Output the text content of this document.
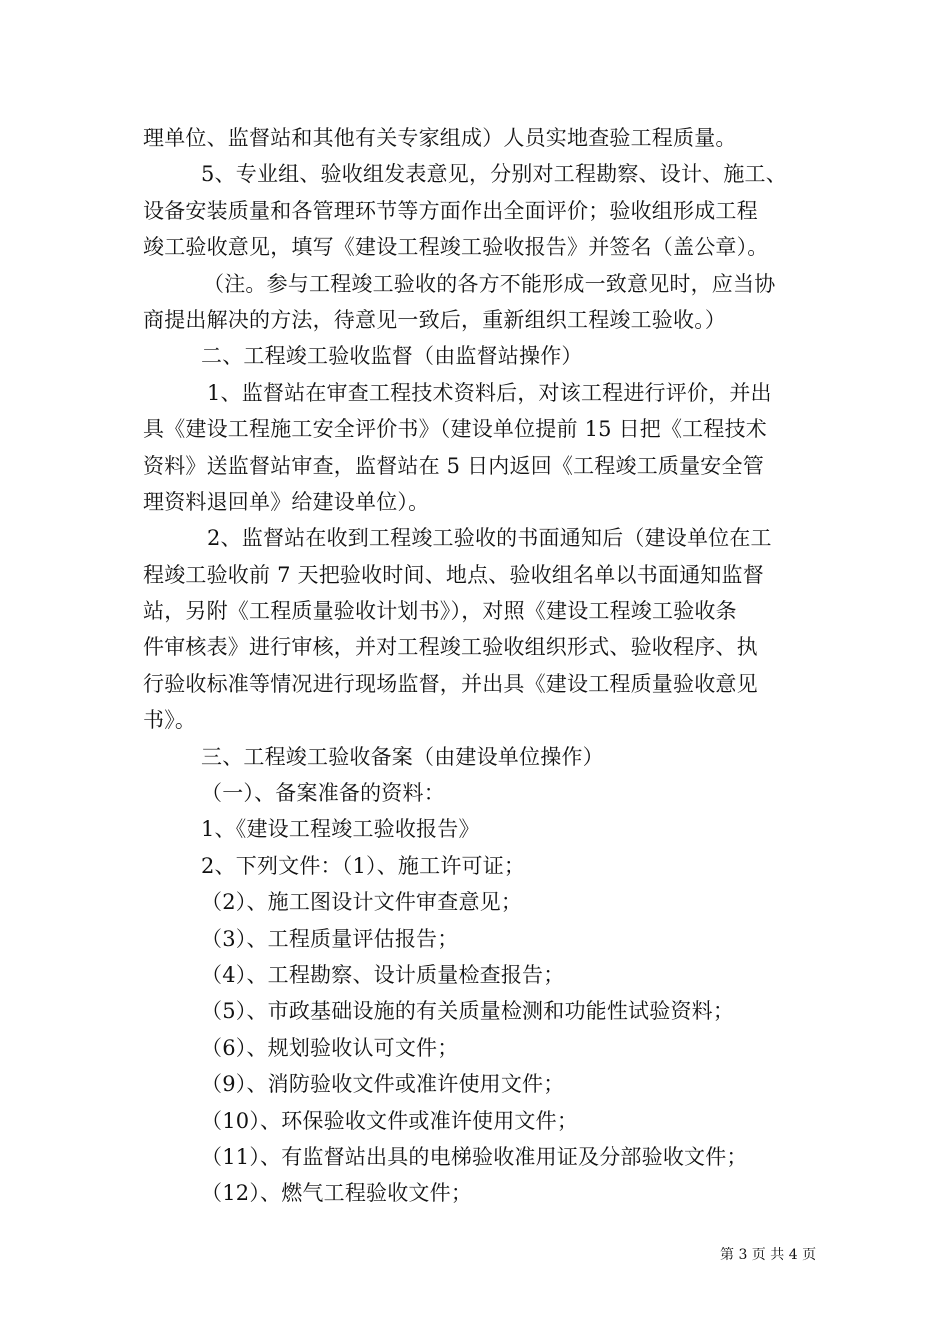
理单位、监督站和其他有关专家组成）人员实地查验工程质量。
5、专业组、验收组发表意见，分别对工程勘察、设计、施工、
设备安装质量和各管理环节等方面作出全面评价；验收组形成工程
竣工验收意见，填写《建设工程竣工验收报告》并签名（盖公章）。
（注。参与工程竣工验收的各方不能形成一致意见时，应当协
商提出解决的方法，待意见一致后，重新组织工程竣工验收。）
二、工程竣工验收监督（由监督站操作）
1、监督站在审查工程技术资料后，对该工程进行评价，并出
具《建设工程施工安全评价书》（建设单位提前 15 日把《工程技术
资料》送监督站审查，监督站在 5 日内返回《工程竣工质量安全管
理资料退回单》给建设单位）。
2、监督站在收到工程竣工验收的书面通知后（建设单位在工
程竣工验收前 7 天把验收时间、地点、验收组名单以书面通知监督
站，另附《工程质量验收计划书》），对照《建设工程竣工验收条
件审核表》进行审核，并对工程竣工验收组织形式、验收程序、执
行验收标准等情况进行现场监督，并出具《建设工程质量验收意见
书》。
三、工程竣工验收备案（由建设单位操作）
（一）、备案准备的资料：
1、《建设工程竣工验收报告》
2、下列文件：（1）、施工许可证；
（2）、施工图设计文件审查意见；
（3）、工程质量评估报告；
（4）、工程勘察、设计质量检查报告；
（5）、市政基础设施的有关质量检测和功能性试验资料；
（6）、规划验收认可文件；
（9）、消防验收文件或准许使用文件；
（10）、环保验收文件或准许使用文件；
（11）、有监督站出具的电梯验收准用证及分部验收文件；
（12）、燃气工程验收文件；
第 3 页 共 4 页
